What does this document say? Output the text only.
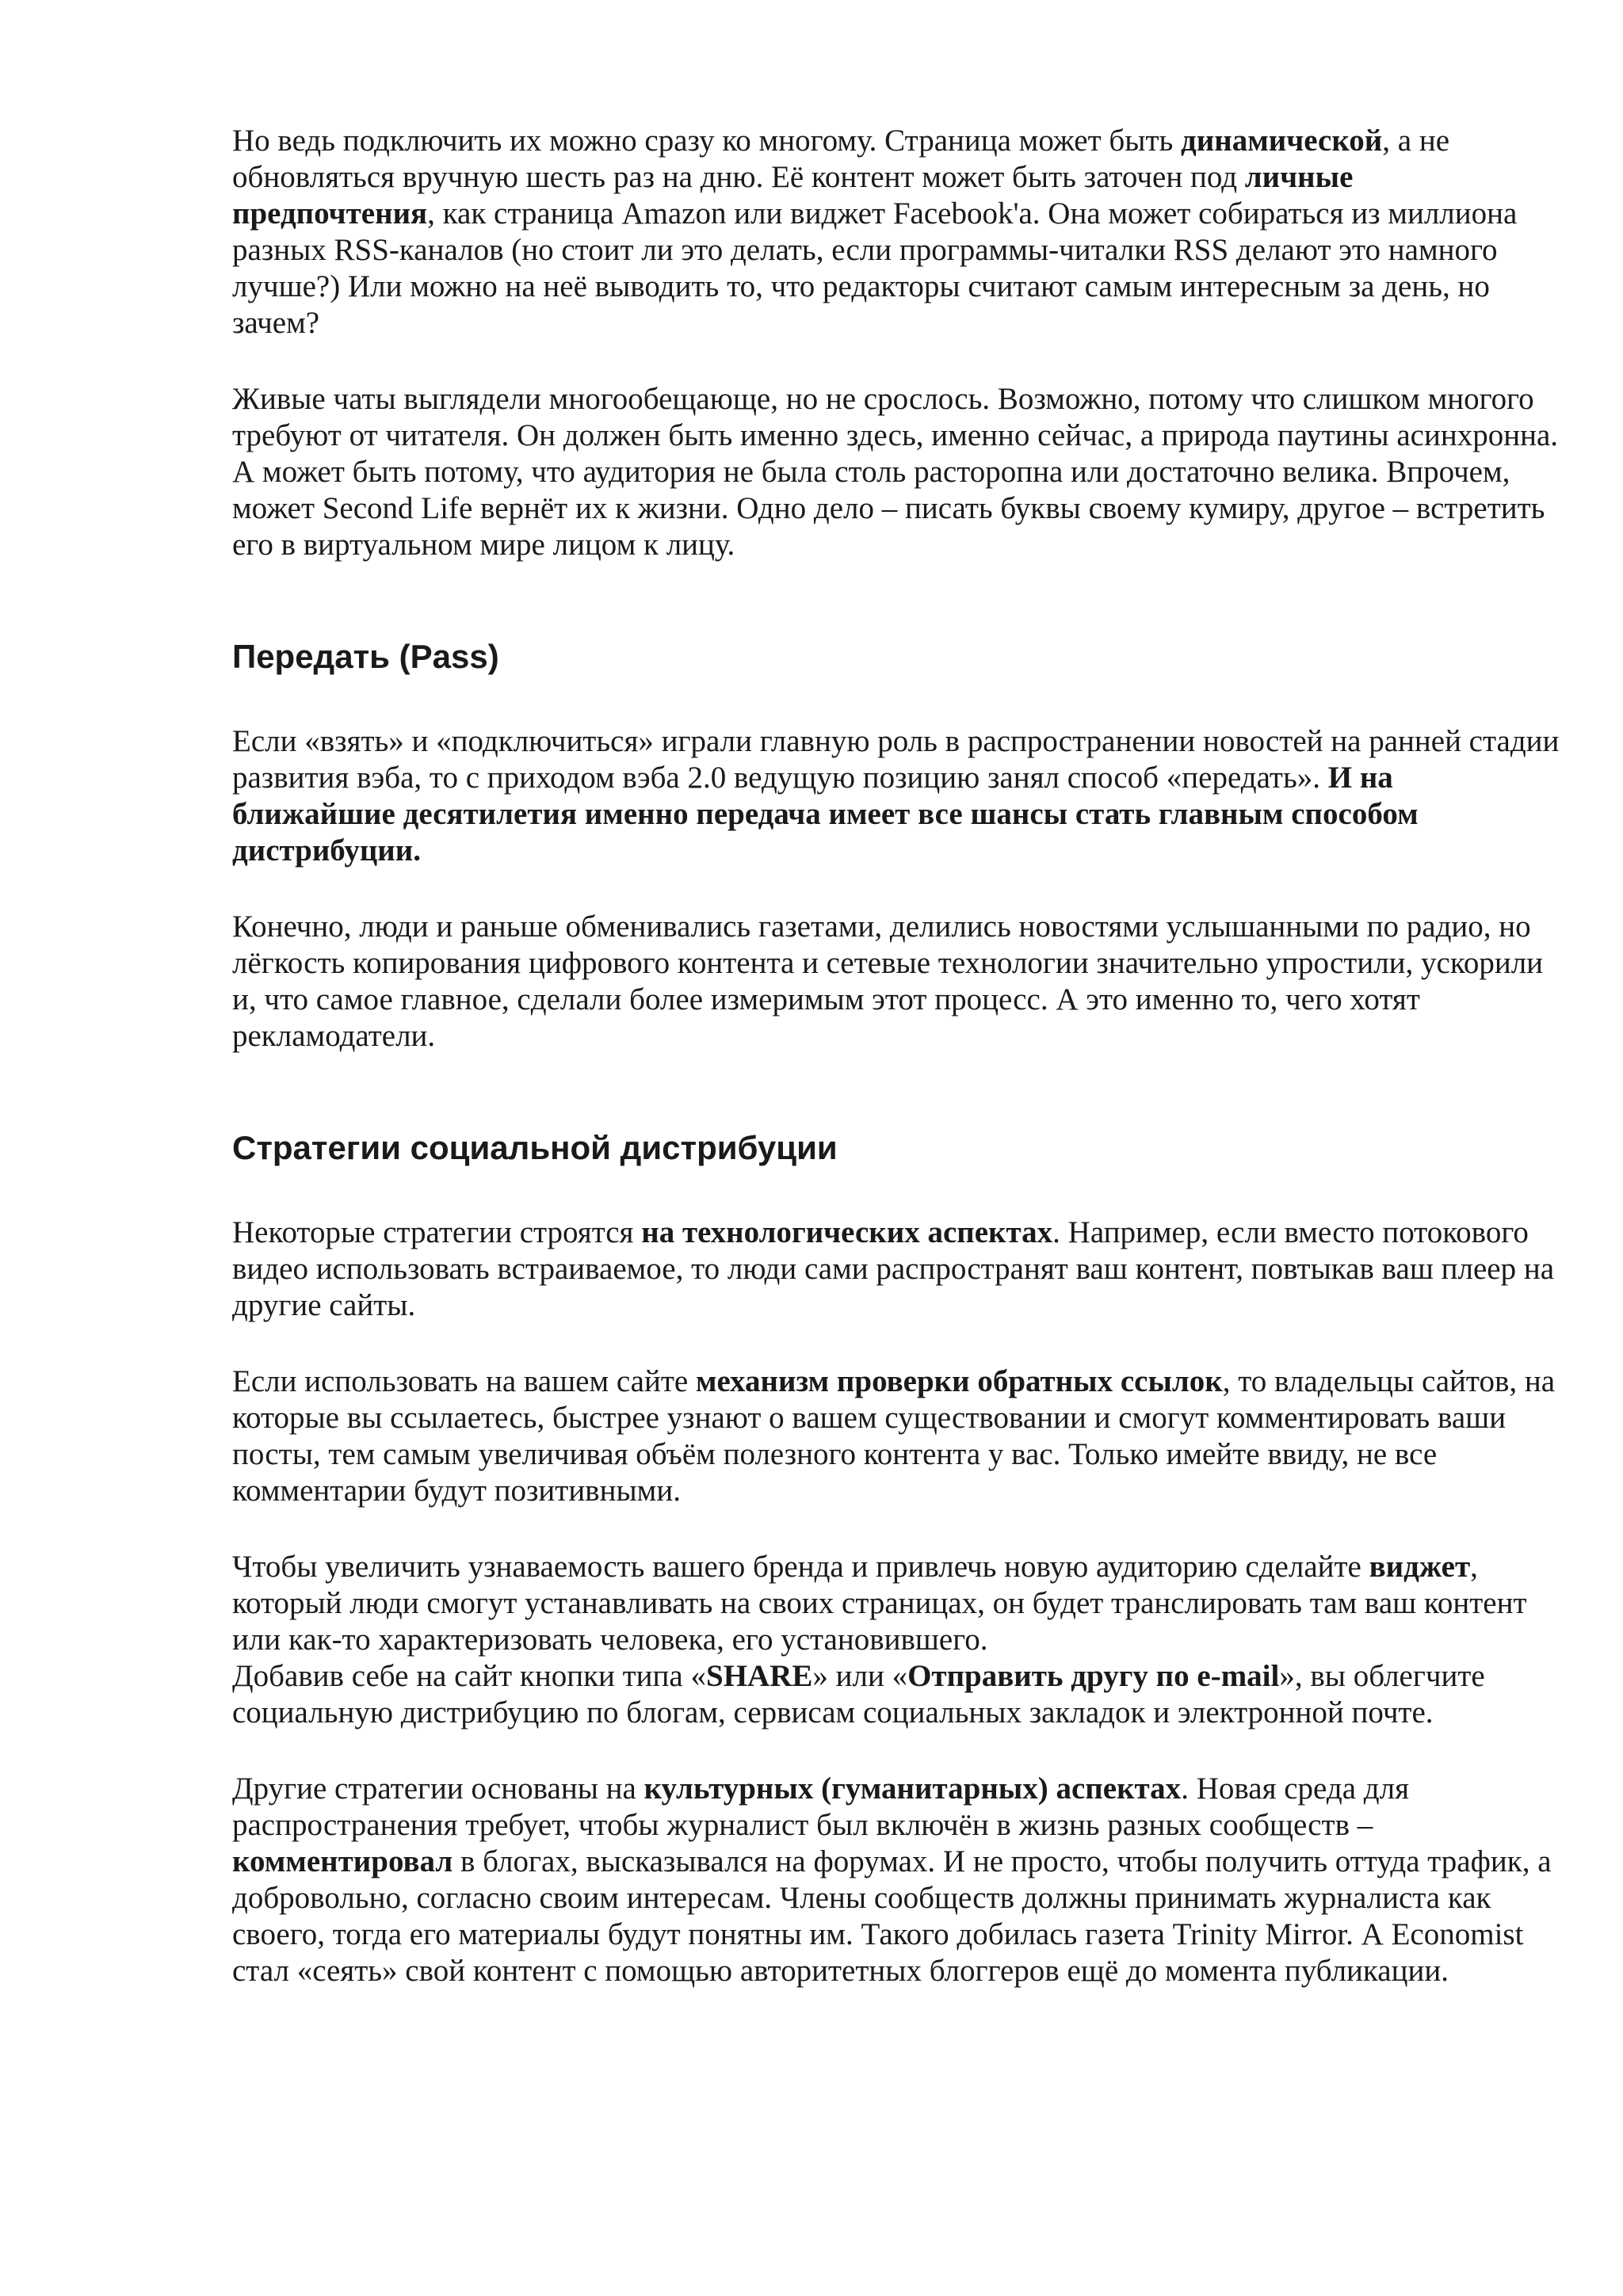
Но ведь подключить их можно сразу ко многому. Страница может быть динамической, а не обновляться вручную шесть раз на дню. Её контент может быть заточен под личные предпочтения, как страница Amazon или виджет Facebook'а. Она может собираться из миллиона разных RSS-каналов (но стоит ли это делать, если программы-читалки RSS делают это намного лучше?) Или можно на неё выводить то, что редакторы считают самым интересным за день, но зачем?

Живые чаты выглядели многообещающе, но не срослось. Возможно, потому что слишком многого требуют от читателя. Он должен быть именно здесь, именно сейчас, а природа паутины асинхронна. А может быть потому, что аудитория не была столь расторопна или достаточно велика. Впрочем, может Second Life вернёт их к жизни. Одно дело – писать буквы своему кумиру, другое – встретить его в виртуальном мире лицом к лицу.

Передать (Pass)

Если «взять» и «подключиться» играли главную роль в распространении новостей на ранней стадии развития вэба, то с приходом вэба 2.0 ведущую позицию занял способ «передать». И на ближайшие десятилетия именно передача имеет все шансы стать главным способом дистрибуции.

Конечно, люди и раньше обменивались газетами, делились новостями услышанными по радио, но лёгкость копирования цифрового контента и сетевые технологии значительно упростили, ускорили и, что самое главное, сделали более измеримым этот процесс. А это именно то, чего хотят рекламодатели.

Стратегии социальной дистрибуции

Некоторые стратегии строятся на технологических аспектах. Например, если вместо потокового видео использовать встраиваемое, то люди сами распространят ваш контент, повтыкав ваш плеер на другие сайты.

Если использовать на вашем сайте механизм проверки обратных ссылок, то владельцы сайтов, на которые вы ссылаетесь, быстрее узнают о вашем существовании и смогут комментировать ваши посты, тем самым увеличивая объём полезного контента у вас. Только имейте ввиду, не все комментарии будут позитивными.

Чтобы увеличить узнаваемость вашего бренда и привлечь новую аудиторию сделайте виджет, который люди смогут устанавливать на своих страницах, он будет транслировать там ваш контент или как-то характеризовать человека, его установившего.
Добавив себе на сайт кнопки типа «SHARE» или «Отправить другу по e-mail», вы облегчите социальную дистрибуцию по блогам, сервисам социальных закладок и электронной почте.

Другие стратегии основаны на культурных (гуманитарных) аспектах. Новая среда для распространения требует, чтобы журналист был включён в жизнь разных сообществ – комментировал в блогах, высказывался на форумах. И не просто, чтобы получить оттуда трафик, а добровольно, согласно своим интересам. Члены сообществ должны принимать журналиста как своего, тогда его материалы будут понятны им. Такого добилась газета Trinity Mirror. А Economist стал «сеять» свой контент с помощью авторитетных блоггеров ещё до момента публикации.
